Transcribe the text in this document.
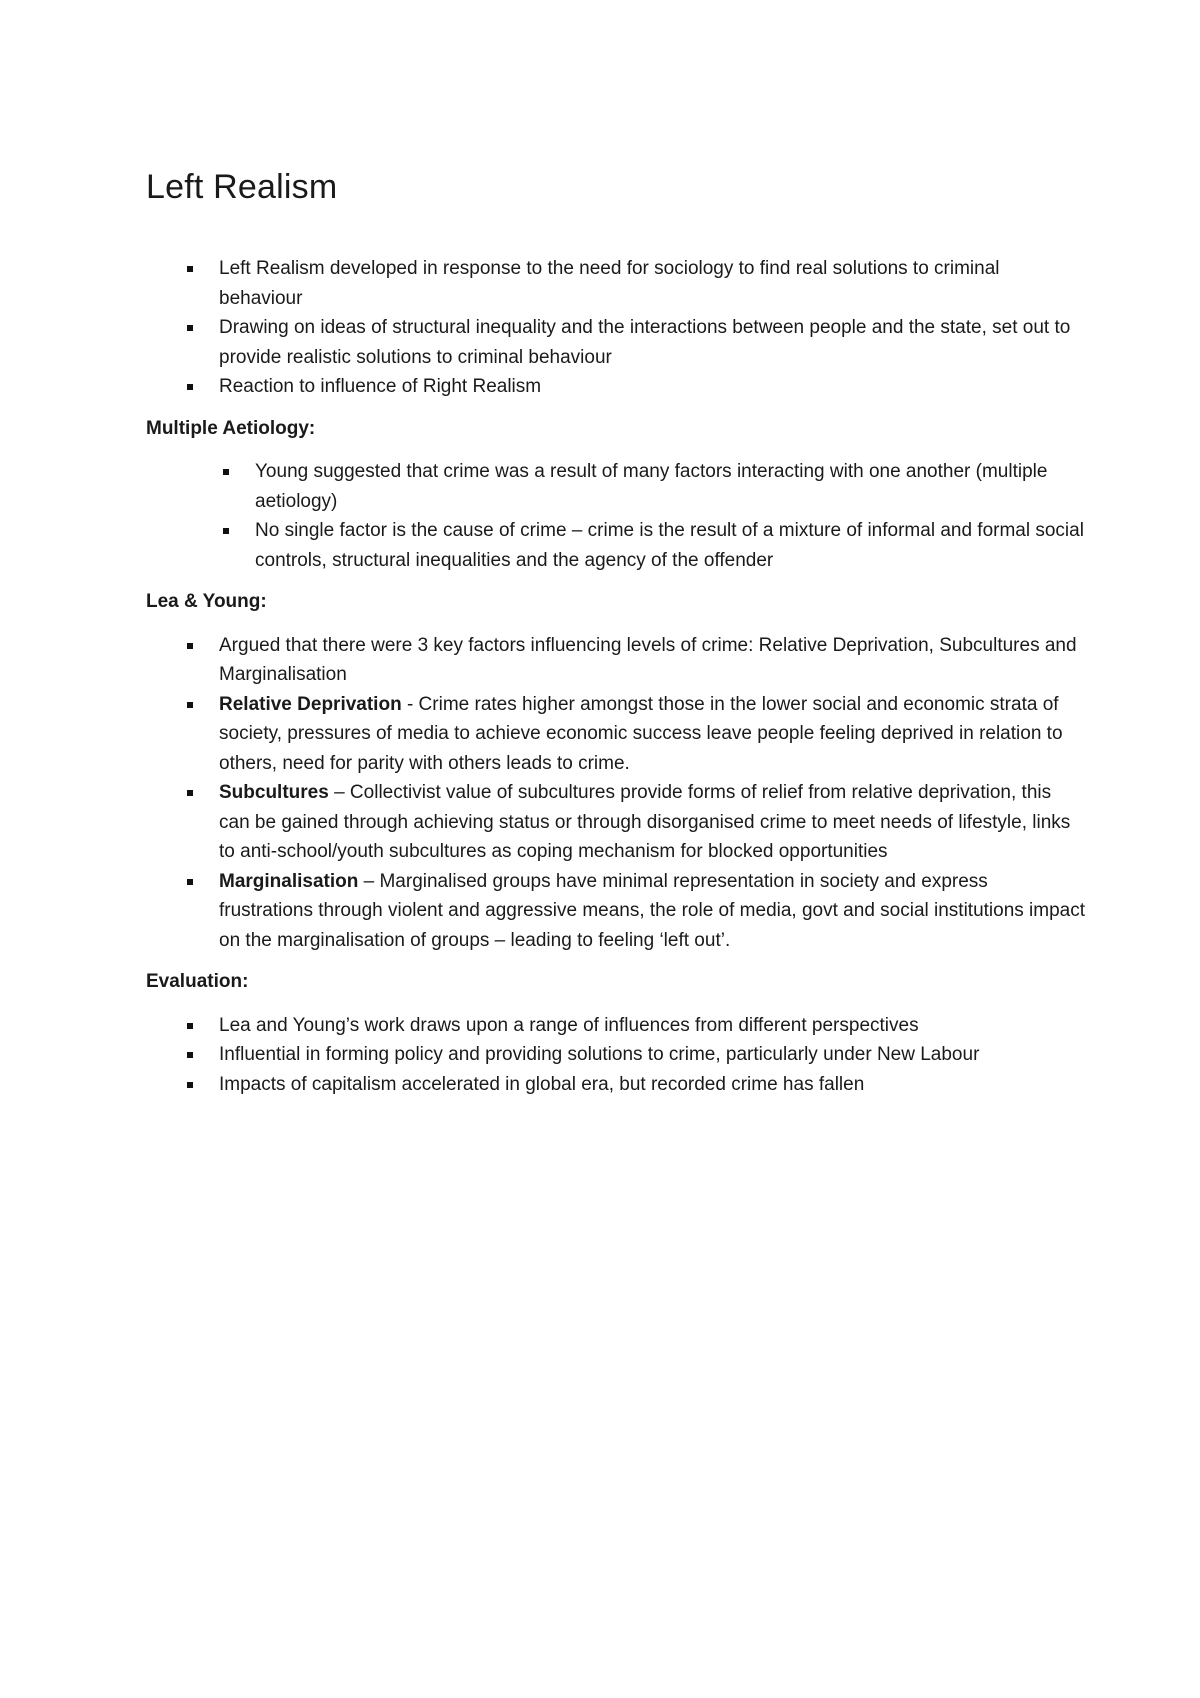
Left Realism
Left Realism developed in response to the need for sociology to find real solutions to criminal behaviour
Drawing on ideas of structural inequality and the interactions between people and the state, set out to provide realistic solutions to criminal behaviour
Reaction to influence of Right Realism

Multiple Aetiology:

Young suggested that crime was a result of many factors interacting with one another (multiple aetiology)
No single factor is the cause of crime – crime is the result of a mixture of informal and formal social controls, structural inequalities and the agency of the offender

Lea & Young:

Argued that there were 3 key factors influencing levels of crime: Relative Deprivation, Subcultures and Marginalisation
Relative Deprivation - Crime rates higher amongst those in the lower social and economic strata of society, pressures of media to achieve economic success leave people feeling deprived in relation to others, need for parity with others leads to crime.
Subcultures – Collectivist value of subcultures provide forms of relief from relative deprivation, this can be gained through achieving status or through disorganised crime to meet needs of lifestyle, links to anti-school/youth subcultures as coping mechanism for blocked opportunities
Marginalisation – Marginalised groups have minimal representation in society and express frustrations through violent and aggressive means, the role of media, govt and social institutions impact on the marginalisation of groups – leading to feeling ‘left out’.

Evaluation:

Lea and Young’s work draws upon a range of influences from different perspectives
Influential in forming policy and providing solutions to crime, particularly under New Labour
Impacts of capitalism accelerated in global era, but recorded crime has fallen
